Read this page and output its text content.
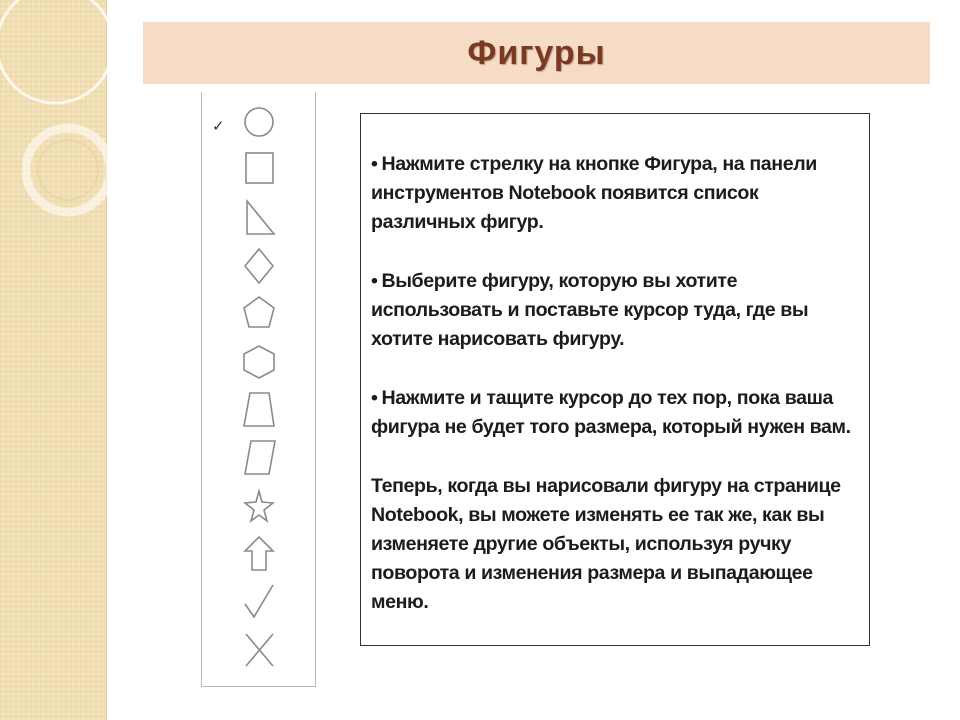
Фигуры
✓

• Нажмите стрелку на кнопке Фигура, на панели инструментов Notebook появится список различных фигур.

• Выберите фигуру, которую вы хотите использовать и поставьте курсор туда, где вы хотите нарисовать фигуру.

• Нажмите и тащите курсор до тех пор, пока ваша фигура не будет того размера, который нужен вам.

Теперь, когда вы нарисовали фигуру на странице Notebook, вы можете изменять ее так же, как вы изменяете другие объекты, используя ручку поворота и изменения размера и выпадающее меню.
